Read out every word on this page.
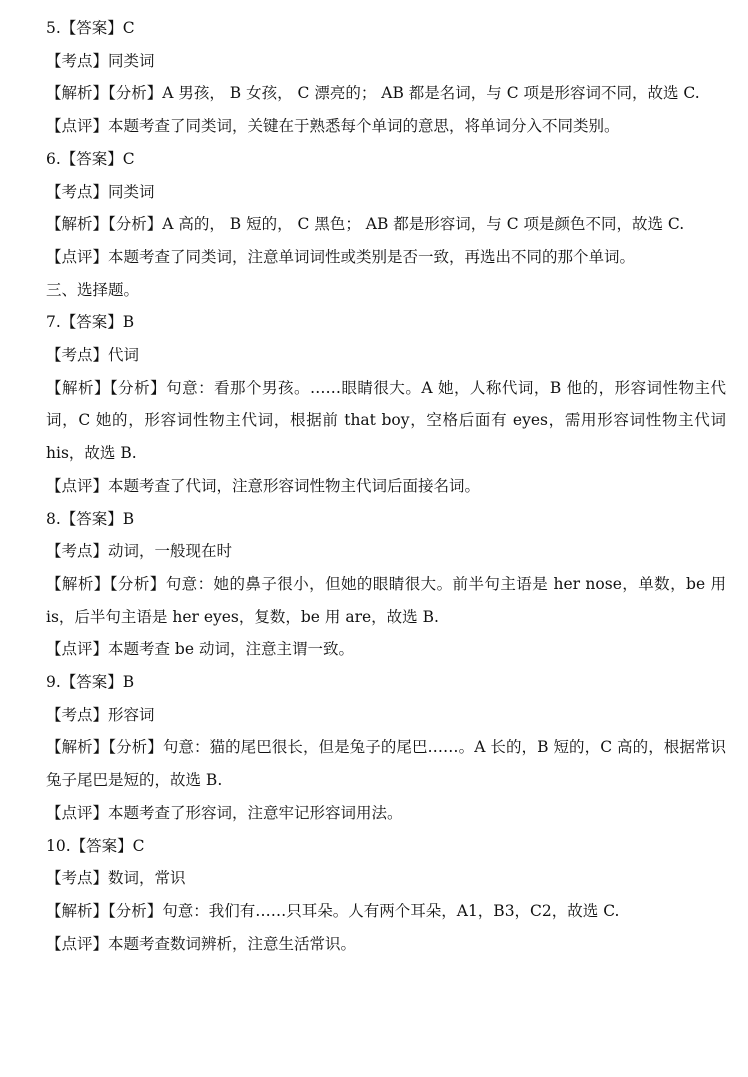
5.【答案】C

【考点】同类词

【解析】【分析】A 男孩， B 女孩， C 漂亮的； AB 都是名词，与 C 项是形容词不同，故选 C.

【点评】本题考查了同类词，关键在于熟悉每个单词的意思，将单词分入不同类别。

6.【答案】C

【考点】同类词

【解析】【分析】A 高的， B 短的， C 黑色； AB 都是形容词，与 C 项是颜色不同，故选 C.

【点评】本题考查了同类词，注意单词词性或类别是否一致，再选出不同的那个单词。

三、选择题。

7.【答案】B

【考点】代词

【解析】【分析】句意：看那个男孩。……眼睛很大。A 她，人称代词，B 他的，形容词性物主代词，C 她的，形容词性物主代词，根据前 that boy，空格后面有 eyes，需用形容词性物主代词 his，故选 B.

【点评】本题考查了代词，注意形容词性物主代词后面接名词。

8.【答案】B

【考点】动词，一般现在时

【解析】【分析】句意：她的鼻子很小，但她的眼睛很大。前半句主语是 her nose，单数，be 用 is，后半句主语是 her eyes，复数，be 用 are，故选 B.

【点评】本题考查 be 动词，注意主谓一致。

9.【答案】B

【考点】形容词

【解析】【分析】句意：猫的尾巴很长，但是兔子的尾巴……。A 长的，B 短的，C 高的，根据常识兔子尾巴是短的，故选 B.

【点评】本题考查了形容词，注意牢记形容词用法。

10.【答案】C

【考点】数词，常识

【解析】【分析】句意：我们有……只耳朵。人有两个耳朵，A1，B3，C2，故选 C.

【点评】本题考查数词辨析，注意生活常识。
